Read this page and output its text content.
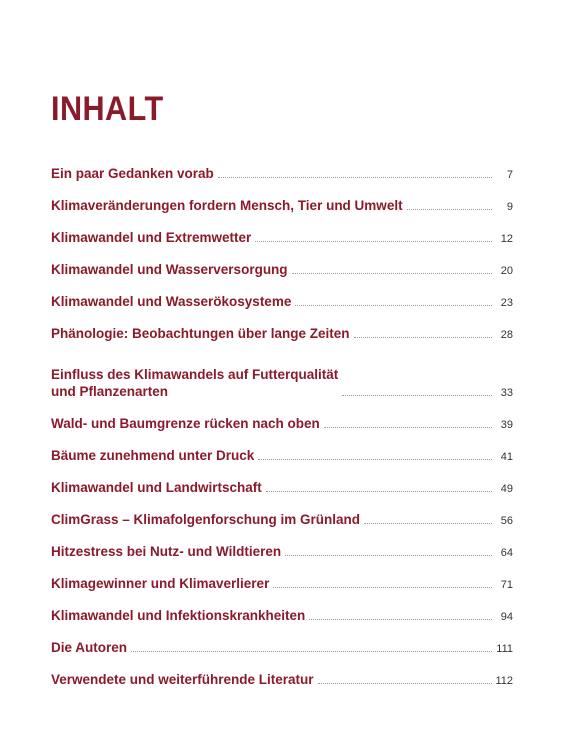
INHALT
Ein paar Gedanken vorab	7
Klimaveränderungen fordern Mensch, Tier und Umwelt	9
Klimawandel und Extremwetter	12
Klimawandel und Wasserversorgung	20
Klimawandel und Wasserökosysteme	23
Phänologie: Beobachtungen über lange Zeiten	28
Einfluss des Klimawandels auf Futterqualität
und Pflanzenarten	33
Wald- und Baumgrenze rücken nach oben	39
Bäume zunehmend unter Druck	41
Klimawandel und Landwirtschaft	49
ClimGrass – Klimafolgenforschung im Grünland	56
Hitzestress bei Nutz- und Wildtieren	64
Klimagewinner und Klimaverlierer	71
Klimawandel und Infektionskrankheiten	94
Die Autoren	111
Verwendete und weiterführende Literatur	112
